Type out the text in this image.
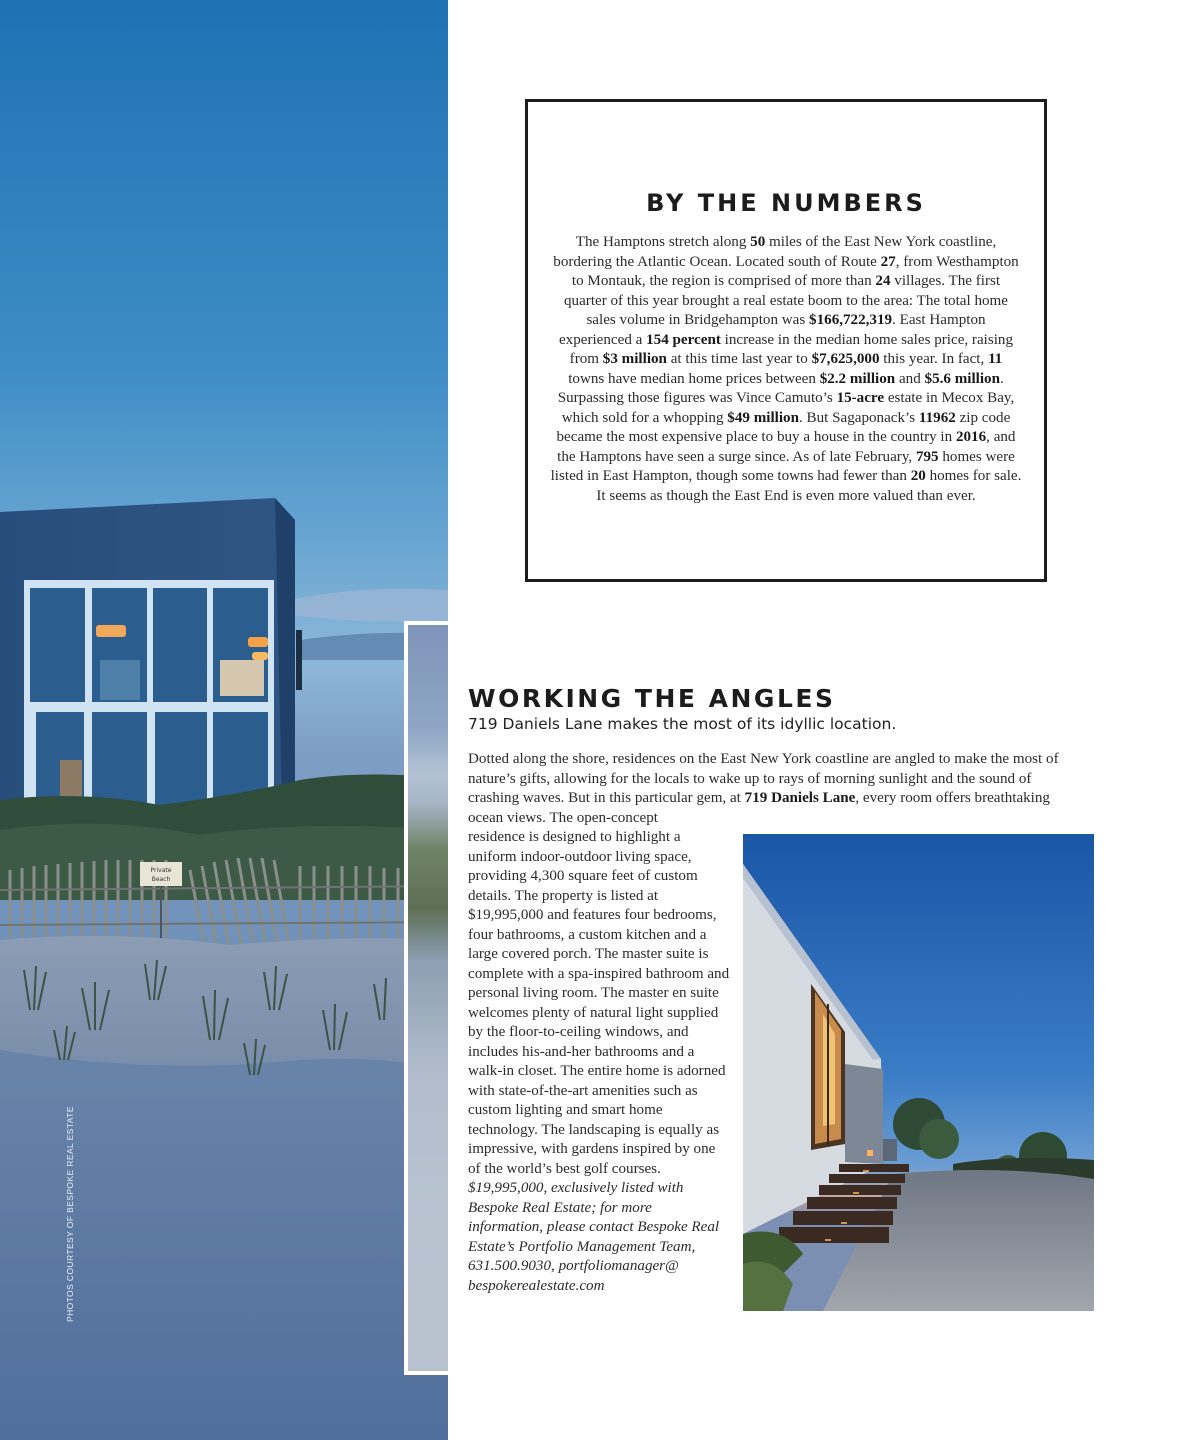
Private
Beach
PHOTOS COURTESY OF BESPOKE REAL ESTATE
BY THE NUMBERS
The Hamptons stretch along 50 miles of the East New York coastline, bordering the Atlantic Ocean. Located south of Route 27, from Westhampton to Montauk, the region is comprised of more than 24 villages. The first quarter of this year brought a real estate boom to the area: The total home sales volume in Bridgehampton was $166,722,319. East Hampton experienced a 154 percent increase in the median home sales price, raising from $3 million at this time last year to $7,625,000 this year. In fact, 11 towns have median home prices between $2.2 million and $5.6 million. Surpassing those figures was Vince Camuto’s 15-acre estate in Mecox Bay, which sold for a whopping $49 million. But Sagaponack’s 11962 zip code became the most expensive place to buy a house in the country in 2016, and the Hamptons have seen a surge since. As of late February, 795 homes were listed in East Hampton, though some towns had fewer than 20 homes for sale. It seems as though the East End is even more valued than ever.
WORKING THE ANGLES
719 Daniels Lane makes the most of its idyllic location.
Dotted along the shore, residences on the East New York coastline are angled to make the most of nature’s gifts, allowing for the locals to wake up to rays of morning sunlight and the sound of crashing waves. But in this particular gem, at 719 Daniels Lane, every room offers breathtaking ocean views. The open-concept
residence is designed to highlight a uniform indoor-outdoor living space, providing 4,300 square feet of custom details. The property is listed at $19,995,000 and features four bedrooms, four bathrooms, a custom kitchen and a large covered porch. The master suite is complete with a spa-inspired bathroom and personal living room. The master en suite welcomes plenty of natural light supplied by the floor-to-ceiling windows, and includes his-and-her bathrooms and a walk-in closet. The entire home is adorned with state-of-the-art amenities such as custom lighting and smart home technology. The landscaping is equally as impressive, with gardens inspired by one of the world’s best golf courses. $19,995,000, exclusively listed with Bespoke Real Estate; for more information, please contact Bespoke Real Estate’s Portfolio Management Team, 631.500.9030, portfoliomanager@ bespokerealestate.com
